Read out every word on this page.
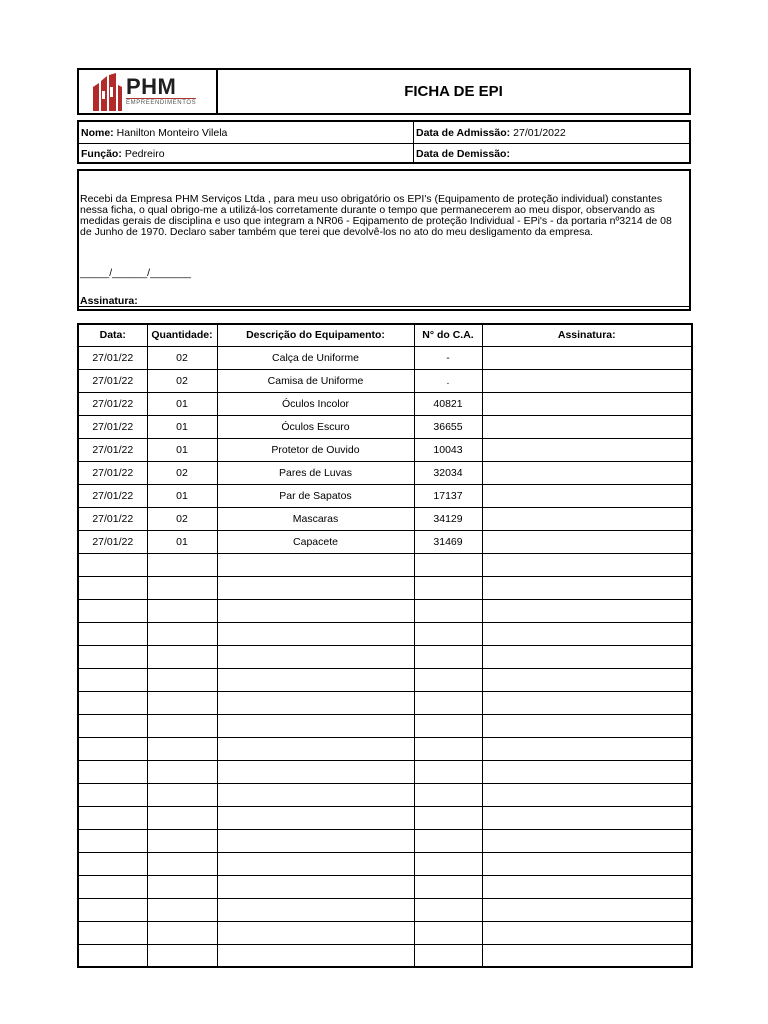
PHM
EMPREENDIMENTOS
FICHA DE EPI
Nome: Hanilton Monteiro Vilela	Data de Admissão: 27/01/2022
Função: Pedreiro	Data de Demissão:
Recebi da Empresa PHM Serviços Ltda , para meu uso obrigatório os EPI's (Equipamento de proteção individual) constantes nessa ficha, o qual obrigo-me a utilizá-los corretamente durante o tempo que permanecerem ao meu dispor, observando as medidas gerais de disciplina e uso que integram a NR06 - Eqipamento de proteção Individual - EPi's - da portaria nº3214 de 08 de Junho de 1970. Declaro saber também que terei que devolvê-los no ato do meu desligamento da empresa.
_____/______/_______
Assinatura:
Data:	Quantidade:	Descrição do Equipamento:	N° do C.A.	Assinatura:
27/01/22	02	Calça de Uniforme	-	
27/01/22	02	Camisa de Uniforme	.	
27/01/22	01	Óculos Incolor	40821	
27/01/22	01	Óculos Escuro	36655	
27/01/22	01	Protetor de Ouvido	10043	
27/01/22	02	Pares de Luvas	32034	
27/01/22	01	Par de Sapatos	17137	
27/01/22	02	Mascaras	34129	
27/01/22	01	Capacete	31469	
